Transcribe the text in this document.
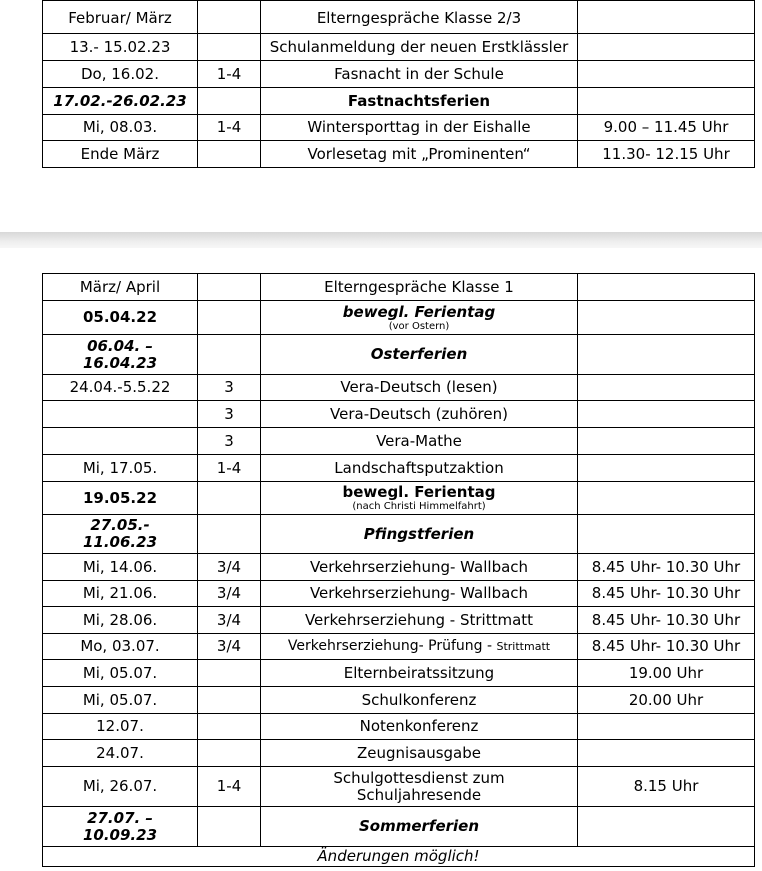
Februar/ März		Elterngespräche Klasse 2/3	
13.- 15.02.23		Schulanmeldung der neuen Erstklässler	
Do, 16.02.	1-4	Fasnacht in der Schule	
17.02.-26.02.23		Fastnachtsferien	
Mi, 08.03.	1-4	Wintersporttag in der Eishalle	9.00 – 11.45 Uhr
Ende März		Vorlesetag mit „Prominenten“	11.30- 12.15 Uhr
März/ April		Elterngespräche Klasse 1	
05.04.22		bewegl. Ferientag
(vor Ostern)	

06.04. – 16.04.23		Osterferien	
24.04.-5.5.22	3	Vera-Deutsch (lesen)	
	3	Vera-Deutsch (zuhören)	
	3	Vera-Mathe	
Mi, 17.05.	1-4	Landschaftsputzaktion	
19.05.22		bewegl. Ferientag
(nach Christi Himmelfahrt)	

27.05.- 11.06.23		Pfingstferien	
Mi, 14.06.	3/4	Verkehrserziehung- Wallbach	8.45 Uhr- 10.30 Uhr
Mi, 21.06.	3/4	Verkehrserziehung- Wallbach	8.45 Uhr- 10.30 Uhr
Mi, 28.06.	3/4	Verkehrserziehung - Strittmatt	8.45 Uhr- 10.30 Uhr
Mo, 03.07.	3/4	Verkehrserziehung- Prüfung - Strittmatt	8.45 Uhr- 10.30 Uhr
Mi, 05.07.		Elternbeiratssitzung	19.00 Uhr
Mi, 05.07.		Schulkonferenz	20.00 Uhr
12.07.		Notenkonferenz	
24.07.		Zeugnisausgabe	
Mi, 26.07.	1-4	Schulgottesdienst zum Schuljahresende	8.15 Uhr
27.07. – 10.09.23		Sommerferien	
Änderungen möglich!			
